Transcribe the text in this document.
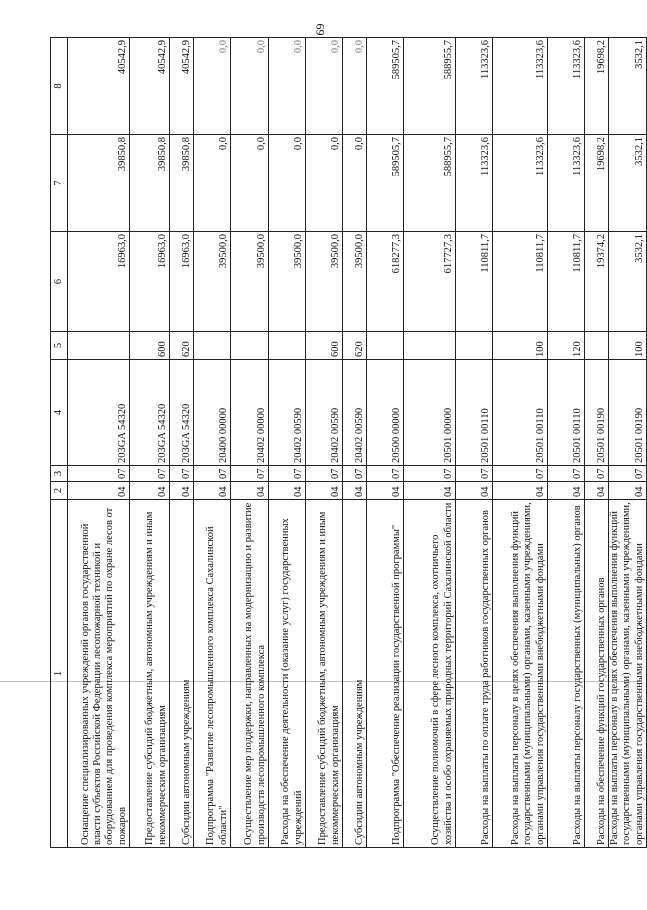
69
1	2	3	4	5	6	7	8
Оснащение специализированных учреждений органов государственной власти субъектов Российской Федерации лесопожарной техникой и оборудованием для проведения комплекса мероприятий по охране лесов от пожаров	04	07	203GA 54320		16963,0	39850,8	40542,9
Предоставление субсидий бюджетным, автономным учреждениям и иным некоммерческим организациям	04	07	203GA 54320	600	16963,0	39850,8	40542,9
Субсидии автономным учреждениям	04	07	203GA 54320	620	16963,0	39850,8	40542,9
Подпрограмма "Развитие лесопромышленного комплекса Сахалинской области"	04	07	20400 00000		39500,0	0,0	0,0
Осуществление мер поддержки, направленных на модернизацию и развитие производств лесопромышленного комплекса	04	07	20402 00000		39500,0	0,0	0,0
Расходы на обеспечение деятельности (оказание услуг) государственных учреждений	04	07	20402 00590		39500,0	0,0	0,0
Предоставление субсидий бюджетным, автономным учреждениям и иным некоммерческим организациям	04	07	20402 00590	600	39500,0	0,0	0,0
Субсидии автономным учреждениям	04	07	20402 00590	620	39500,0	0,0	0,0
Подпрограмма "Обеспечение реализации государственной программы"	04	07	20500 00000		618277,3	589505,7	589505,7
Осуществление полномочий в сфере лесного комплекса, охотничьего хозяйства и особо охраняемых природных территорий Сахалинской области	04	07	20501 00000		617727,3	588955,7	588955,7
Расходы на выплаты по оплате труда работников государственных органов	04	07	20501 00110		110811,7	113323,6	113323,6
Расходы на выплаты персоналу в целях обеспечения выполнения функций государственными (муниципальными) органами, казенными учреждениями, органами управления государственными внебюджетными фондами	04	07	20501 00110	100	110811,7	113323,6	113323,6
Расходы на выплаты персоналу государственных (муниципальных) органов	04	07	20501 00110	120	110811,7	113323,6	113323,6
Расходы на обеспечение функций государственных органов	04	07	20501 00190		19374,2	19698,2	19698,2
Расходы на выплаты персоналу в целях обеспечения выполнения функций государственными (муниципальными) органами, казенными учреждениями, органами управления государственными внебюджетными фондами	04	07	20501 00190	100	3532,1	3532,1	3532,1
